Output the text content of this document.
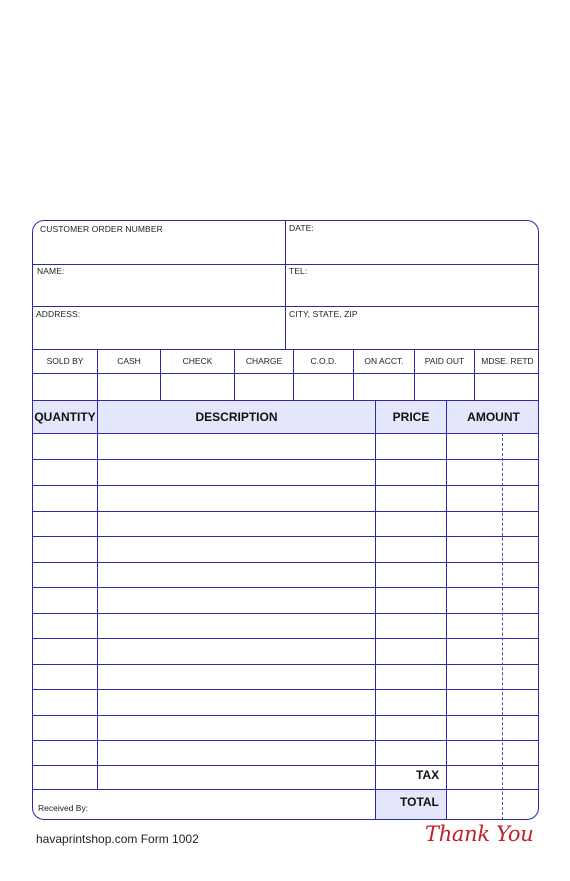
CUSTOMER ORDER NUMBER	DATE:
NAME:	TEL:
ADDRESS:	CITY, STATE, ZIP
SOLD BY	CASH	CHECK	CHARGE	C.O.D.	ON ACCT.	PAID OUT	MDSE. RETD
QUANTITY	DESCRIPTION	PRICE	AMOUNT
TAX
TOTAL
Received By:
havaprintshop.com Form 1002	Thank You
